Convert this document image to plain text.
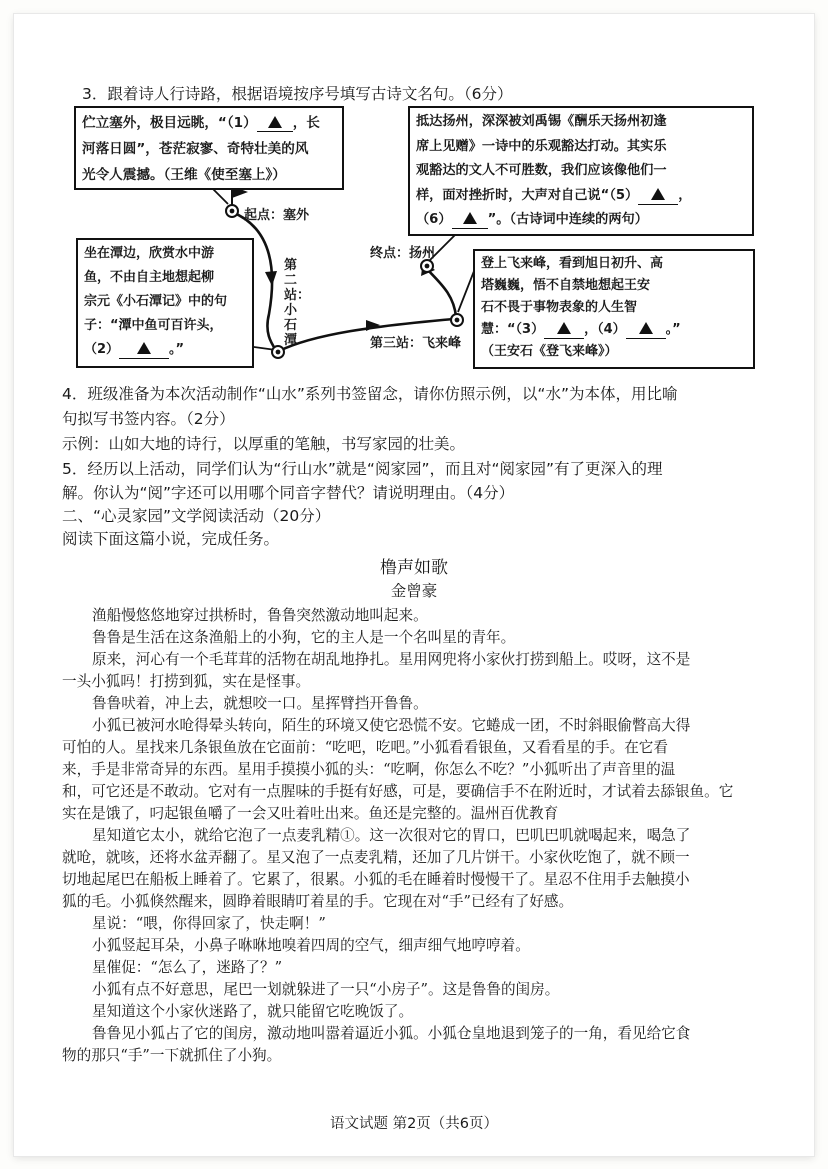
3．跟着诗人行诗路，根据语境按序号填写古诗文名句。（6分）

伫立塞外，极目远眺，“（1）	，长

河落日圆”，苍茫寂寥、奇特壮美的风

光令人震撼。（王维《使至塞上》）

起点：塞外

坐在潭边，欣赏水中游

鱼，不由自主地想起柳

宗元《小石潭记》中的句

子：“潭中鱼可百许头，

（2）	。”

第二站：小石潭

抵达扬州，深深被刘禹锡《酬乐天扬州初逢

席上见赠》一诗中的乐观豁达打动。其实乐

观豁达的文人不可胜数，我们应该像他们一

样，面对挫折时，大声对自己说“（5）	，

（6）	”。（古诗词中连续的两句）

终点：扬州

登上飞来峰，看到旭日初升、高

塔巍巍，悟不自禁地想起王安

石不畏于事物表象的人生智

慧：“（3）	，（4）	。”

（王安石《登飞来峰》）

第三站：飞来峰
4．班级准备为本次活动制作“山水”系列书签留念，请你仿照示例，以“水”为本体，用比喻
句拟写书签内容。（2分）
示例：山如大地的诗行，以厚重的笔触，书写家园的壮美。
5．经历以上活动，同学们认为“行山水”就是“阅家园”，而且对“阅家园”有了更深入的理
解。你认为“阅”字还可以用哪个同音字替代？请说明理由。（4分）
二、“心灵家园”文学阅读活动（20分）
阅读下面这篇小说，完成任务。
橹声如歌
金曾豪
渔船慢悠悠地穿过拱桥时，鲁鲁突然激动地叫起来。
鲁鲁是生活在这条渔船上的小狗，它的主人是一个名叫星的青年。
原来，河心有一个毛茸茸的活物在胡乱地挣扎。星用网兜将小家伙打捞到船上。哎呀，这不是
一头小狐吗！打捞到狐，实在是怪事。
鲁鲁吠着，冲上去，就想咬一口。星挥臂挡开鲁鲁。
小狐已被河水呛得晕头转向，陌生的环境又使它恐慌不安。它蜷成一团，不时斜眼偷瞥高大得
可怕的人。星找来几条银鱼放在它面前：“吃吧，吃吧。”小狐看看银鱼，又看看星的手。在它看
来，手是非常奇异的东西。星用手摸摸小狐的头：“吃啊，你怎么不吃？”小狐听出了声音里的温
和，可它还是不敢动。它对有一点腥味的手挺有好感，可是，要确信手不在附近时，才试着去舔银鱼。它
实在是饿了，叼起银鱼嚼了一会又吐着吐出来。鱼还是完整的。温州百优教育
星知道它太小，就给它泡了一点麦乳精①。这一次很对它的胃口，巴叽巴叽就喝起来，喝急了
就呛，就咳，还将水盆弄翻了。星又泡了一点麦乳精，还加了几片饼干。小家伙吃饱了，就不顾一
切地起尾巴在船板上睡着了。它累了，很累。小狐的毛在睡着时慢慢干了。星忍不住用手去触摸小
狐的毛。小狐倏然醒来，圆睁着眼睛叮着星的手。它现在对“手”已经有了好感。
星说：“喂，你得回家了，快走啊！”
小狐竖起耳朵，小鼻子咻咻地嗅着四周的空气，细声细气地哼哼着。
星催促：“怎么了，迷路了？”
小狐有点不好意思，尾巴一划就躲进了一只“小房子”。这是鲁鲁的闺房。
星知道这个小家伙迷路了，就只能留它吃晚饭了。
鲁鲁见小狐占了它的闺房，激动地叫嚣着逼近小狐。小狐仓皇地退到笼子的一角，看见给它食
物的那只“手”一下就抓住了小狗。
语文试题 第2页（共6页）
